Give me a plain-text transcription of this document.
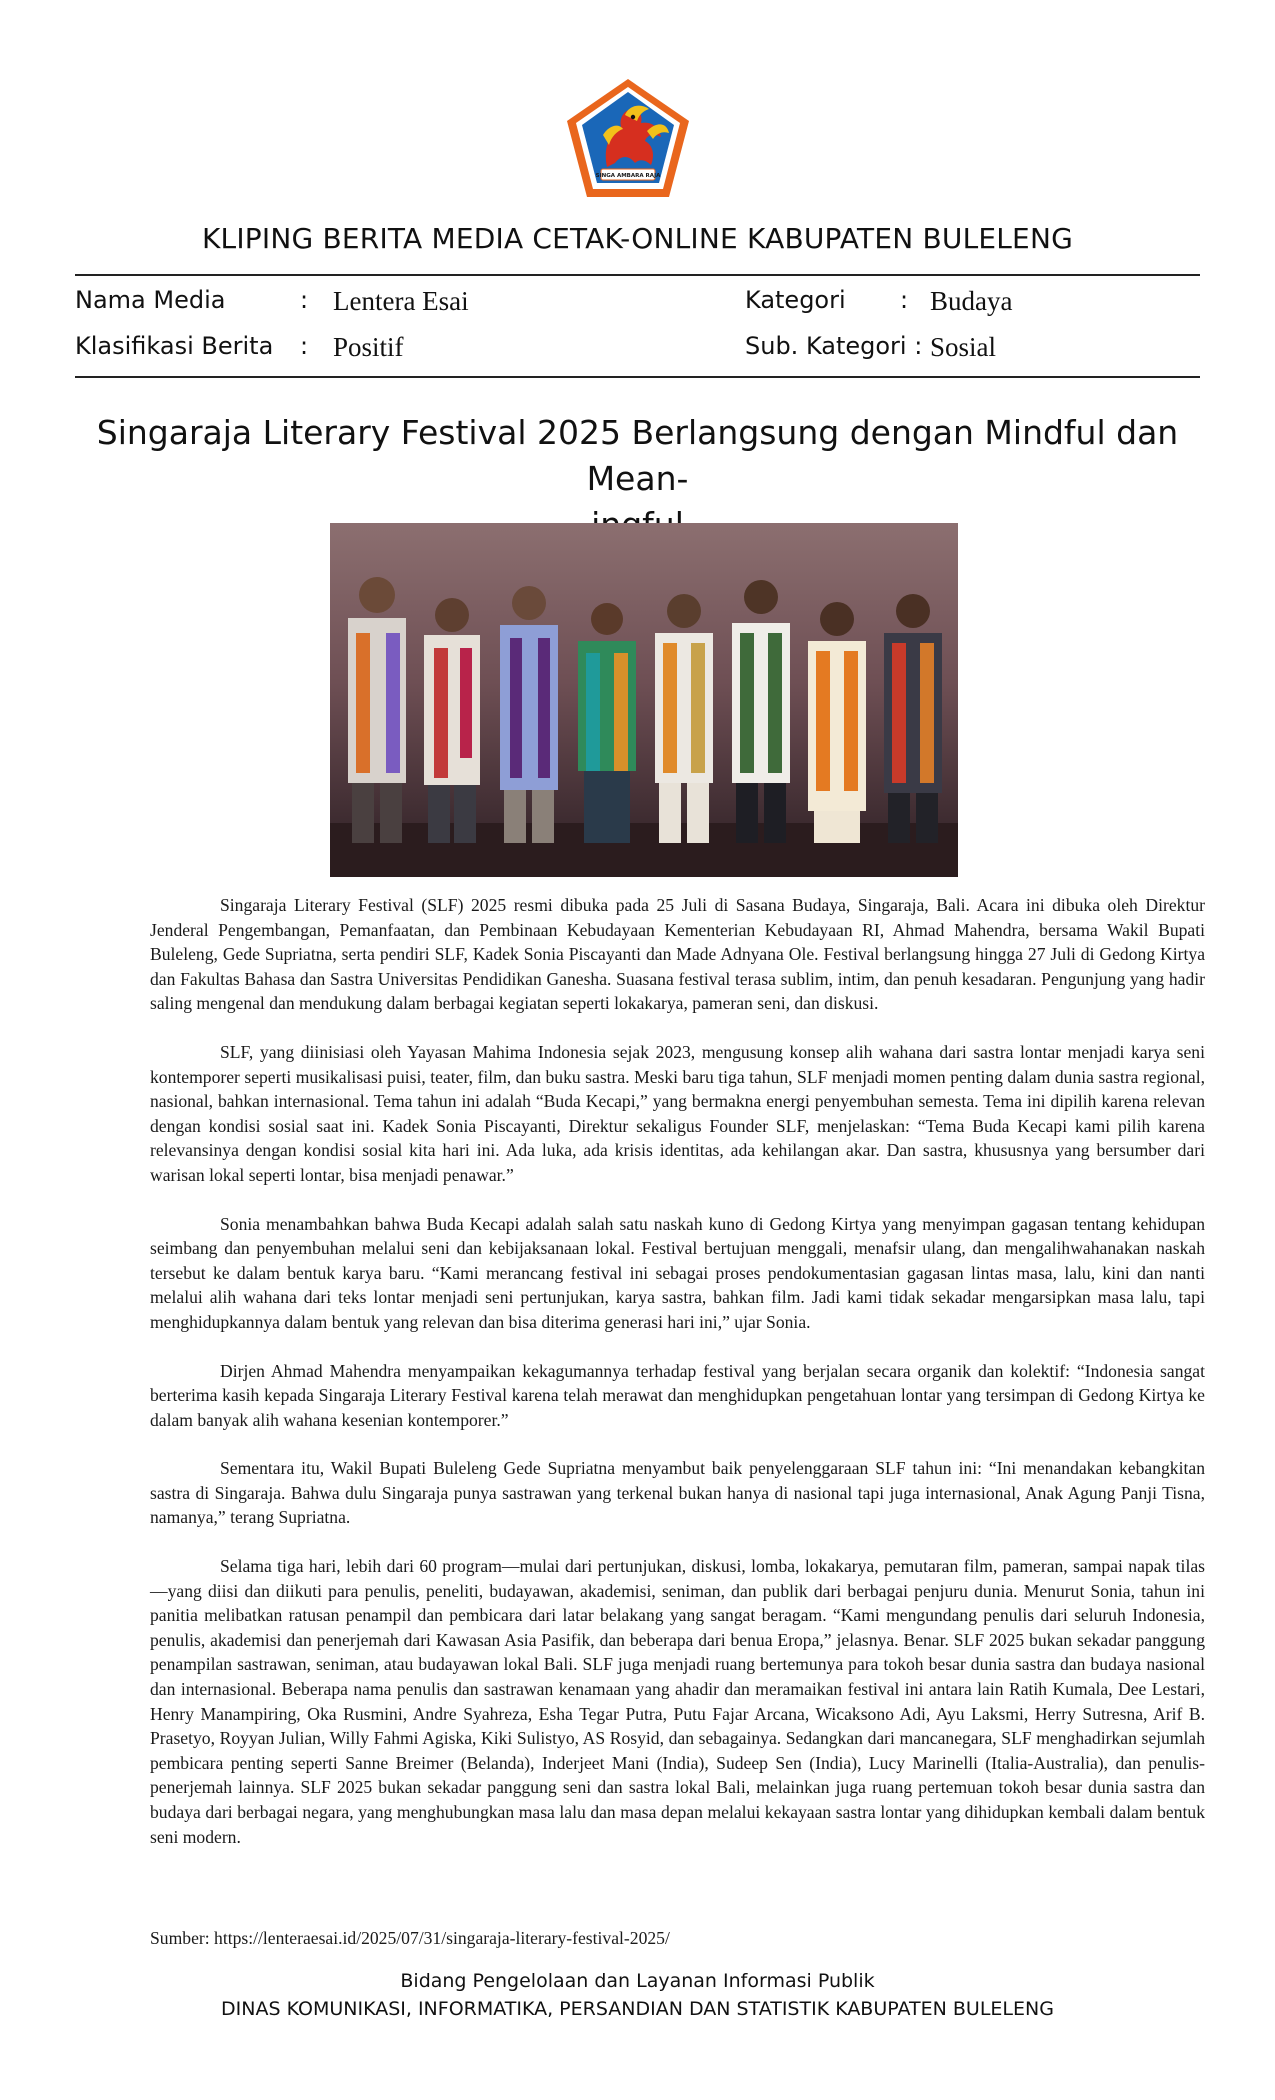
SINGA AMBARA RAJA
KLIPING BERITA MEDIA CETAK-ONLINE KABUPATEN BULELENG
Nama Media	: Lentera Esai	Kategori : Budaya
Klasifikasi Berita : Positif	Sub. Kategori : Sosial
Singaraja Literary Festival 2025 Berlangsung dengan Mindful dan Mean-

Singaraja Literary Festival (SLF) 2025 resmi dibuka pada 25 Juli di Sasana Budaya, Singaraja, Bali. Acara ini dibuka oleh Direktur Jenderal Pengembangan, Pemanfaatan, dan Pembinaan Kebudayaan Kementerian Kebudayaan RI, Ahmad Mahendra, bersama Wakil Bupati Buleleng, Gede Supriatna, serta pendiri SLF, Kadek Sonia Piscayanti dan Made Adnyana Ole. Festival berlangsung hingga 27 Juli di Gedong Kirtya dan Fakultas Bahasa dan Sastra Universitas Pendidikan Ganesha. Suasana festival terasa sublim, intim, dan penuh kesadaran. Pengunjung yang hadir saling mengenal dan mendukung dalam berbagai kegiatan seperti lokakarya, pameran seni, dan diskusi.

SLF, yang diinisiasi oleh Yayasan Mahima Indonesia sejak 2023, mengusung konsep alih wahana dari sastra lontar menjadi karya seni kontemporer seperti musikalisasi puisi, teater, film, dan buku sastra. Meski baru tiga tahun, SLF menjadi momen penting dalam dunia sastra regional, nasional, bahkan internasional. Tema tahun ini adalah “Buda Kecapi,” yang bermakna energi penyembuhan semesta. Tema ini dipilih karena relevan dengan kondisi sosial saat ini. Kadek Sonia Piscayanti, Direktur sekaligus Founder SLF, menjelaskan: “Tema Buda Kecapi kami pilih karena relevansinya dengan kondisi sosial kita hari ini. Ada luka, ada krisis identitas, ada kehilangan akar. Dan sastra, khususnya yang bersumber dari warisan lokal seperti lontar, bisa menjadi penawar.”

Sonia menambahkan bahwa Buda Kecapi adalah salah satu naskah kuno di Gedong Kirtya yang menyimpan gagasan tentang kehidupan seimbang dan penyembuhan melalui seni dan kebijaksanaan lokal. Festival bertujuan menggali, menafsir ulang, dan mengalihwahanakan naskah tersebut ke dalam bentuk karya baru. “Kami merancang festival ini sebagai proses pendokumentasian gagasan lintas masa, lalu, kini dan nanti melalui alih wahana dari teks lontar menjadi seni pertunjukan, karya sastra, bahkan film. Jadi kami tidak sekadar mengarsipkan masa lalu, tapi menghidupkannya dalam bentuk yang relevan dan bisa diterima generasi hari ini,” ujar Sonia.

Dirjen Ahmad Mahendra menyampaikan kekagumannya terhadap festival yang berjalan secara organik dan kolektif: “Indonesia sangat berterima kasih kepada Singaraja Literary Festival karena telah merawat dan menghidupkan pengetahuan lontar yang tersimpan di Gedong Kirtya ke dalam banyak alih wahana kesenian kontemporer.”

Sementara itu, Wakil Bupati Buleleng Gede Supriatna menyambut baik penyelenggaraan SLF tahun ini: “Ini menandakan kebangkitan sastra di Singaraja. Bahwa dulu Singaraja punya sastrawan yang terkenal bukan hanya di nasional tapi juga internasional, Anak Agung Panji Tisna, namanya,” terang Supriatna.

Selama tiga hari, lebih dari 60 program—mulai dari pertunjukan, diskusi, lomba, lokakarya, pemutaran film, pameran, sampai napak tilas—yang diisi dan diikuti para penulis, peneliti, budayawan, akademisi, seniman, dan publik dari berbagai penjuru dunia. Menurut Sonia, tahun ini panitia melibatkan ratusan penampil dan pembicara dari latar belakang yang sangat beragam. “Kami mengundang penulis dari seluruh Indonesia, penulis, akademisi dan penerjemah dari Kawasan Asia Pasifik, dan beberapa dari benua Eropa,” jelasnya. Benar. SLF 2025 bukan sekadar panggung penampilan sastrawan, seniman, atau budayawan lokal Bali. SLF juga menjadi ruang bertemunya para tokoh besar dunia sastra dan budaya nasional dan internasional. Beberapa nama penulis dan sastrawan kenamaan yang ahadir dan meramaikan festival ini antara lain Ratih Kumala, Dee Lestari, Henry Manampiring, Oka Rusmini, Andre Syahreza, Esha Tegar Putra, Putu Fajar Arcana, Wicaksono Adi, Ayu Laksmi, Herry Sutresna, Arif B. Prasetyo, Royyan Julian, Willy Fahmi Agiska, Kiki Sulistyo, AS Rosyid, dan sebagainya. Sedangkan dari mancanegara, SLF menghadirkan sejumlah pembicara penting seperti Sanne Breimer (Belanda), Inderjeet Mani (India), Sudeep Sen (India), Lucy Marinelli (Italia-Australia), dan penulis-penerjemah lainnya. SLF 2025 bukan sekadar panggung seni dan sastra lokal Bali, melainkan juga ruang pertemuan tokoh besar dunia sastra dan budaya dari berbagai negara, yang menghubungkan masa lalu dan masa depan melalui kekayaan sastra lontar yang dihidupkan kembali dalam bentuk seni modern.

Sumber: https://lenteraesai.id/2025/07/31/singaraja-literary-festival-2025/
Bidang Pengelolaan dan Layanan Informasi Publik
DINAS KOMUNIKASI, INFORMATIKA, PERSANDIAN DAN STATISTIK KABUPATEN BULELENG
